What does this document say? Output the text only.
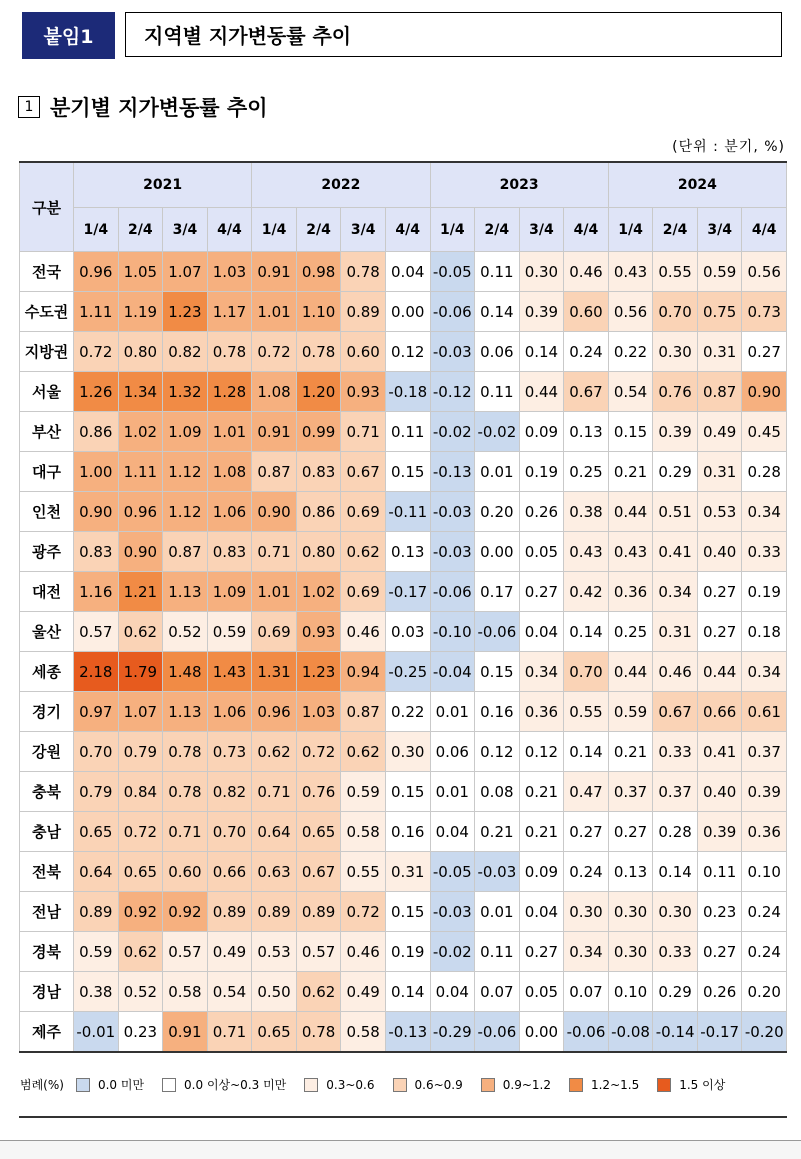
붙임1	지역별 지가변동률 추이
1 분기별 지가변동률 추이
(단위 : 분기, %)
구분	2021				2022				2023				2024			
	1/4	2/4	3/4	4/4	1/4	2/4	3/4	4/4	1/4	2/4	3/4	4/4	1/4	2/4	3/4	4/4
전국	0.96	1.05	1.07	1.03	0.91	0.98	0.78	0.04	-0.05	0.11	0.30	0.46	0.43	0.55	0.59	0.56
수도권	1.11	1.19	1.23	1.17	1.01	1.10	0.89	0.00	-0.06	0.14	0.39	0.60	0.56	0.70	0.75	0.73
지방권	0.72	0.80	0.82	0.78	0.72	0.78	0.60	0.12	-0.03	0.06	0.14	0.24	0.22	0.30	0.31	0.27
서울	1.26	1.34	1.32	1.28	1.08	1.20	0.93	-0.18	-0.12	0.11	0.44	0.67	0.54	0.76	0.87	0.90
부산	0.86	1.02	1.09	1.01	0.91	0.99	0.71	0.11	-0.02	-0.02	0.09	0.13	0.15	0.39	0.49	0.45
대구	1.00	1.11	1.12	1.08	0.87	0.83	0.67	0.15	-0.13	0.01	0.19	0.25	0.21	0.29	0.31	0.28
인천	0.90	0.96	1.12	1.06	0.90	0.86	0.69	-0.11	-0.03	0.20	0.26	0.38	0.44	0.51	0.53	0.34
광주	0.83	0.90	0.87	0.83	0.71	0.80	0.62	0.13	-0.03	0.00	0.05	0.43	0.43	0.41	0.40	0.33
대전	1.16	1.21	1.13	1.09	1.01	1.02	0.69	-0.17	-0.06	0.17	0.27	0.42	0.36	0.34	0.27	0.19
울산	0.57	0.62	0.52	0.59	0.69	0.93	0.46	0.03	-0.10	-0.06	0.04	0.14	0.25	0.31	0.27	0.18
세종	2.18	1.79	1.48	1.43	1.31	1.23	0.94	-0.25	-0.04	0.15	0.34	0.70	0.44	0.46	0.44	0.34
경기	0.97	1.07	1.13	1.06	0.96	1.03	0.87	0.22	0.01	0.16	0.36	0.55	0.59	0.67	0.66	0.61
강원	0.70	0.79	0.78	0.73	0.62	0.72	0.62	0.30	0.06	0.12	0.12	0.14	0.21	0.33	0.41	0.37
충북	0.79	0.84	0.78	0.82	0.71	0.76	0.59	0.15	0.01	0.08	0.21	0.47	0.37	0.37	0.40	0.39
충남	0.65	0.72	0.71	0.70	0.64	0.65	0.58	0.16	0.04	0.21	0.21	0.27	0.27	0.28	0.39	0.36
전북	0.64	0.65	0.60	0.66	0.63	0.67	0.55	0.31	-0.05	-0.03	0.09	0.24	0.13	0.14	0.11	0.10
전남	0.89	0.92	0.92	0.89	0.89	0.89	0.72	0.15	-0.03	0.01	0.04	0.30	0.30	0.30	0.23	0.24
경북	0.59	0.62	0.57	0.49	0.53	0.57	0.46	0.19	-0.02	0.11	0.27	0.34	0.30	0.33	0.27	0.24
경남	0.38	0.52	0.58	0.54	0.50	0.62	0.49	0.14	0.04	0.07	0.05	0.07	0.10	0.29	0.26	0.20
제주	-0.01	0.23	0.91	0.71	0.65	0.78	0.58	-0.13	-0.29	-0.06	0.00	-0.06	-0.08	-0.14	-0.17	-0.20
범례(%)	0.0 미만	0.0 이상~0.3 미만	0.3~0.6	0.6~0.9	0.9~1.2	1.2~1.5	1.5 이상
